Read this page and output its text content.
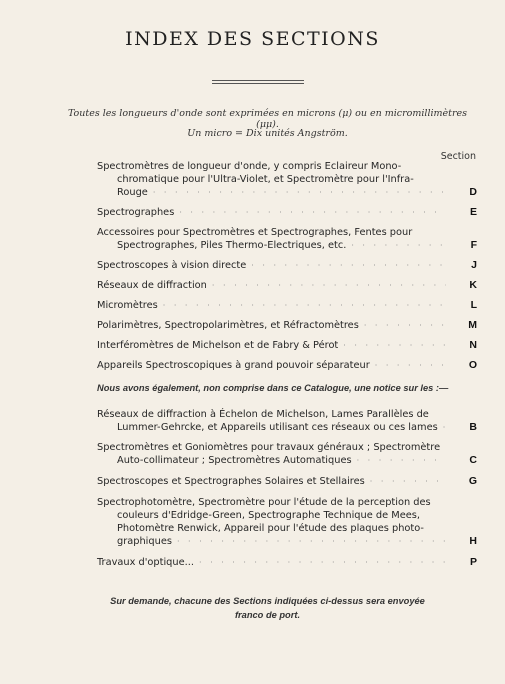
INDEX DES SECTIONS
Toutes les longueurs d'onde sont exprimées en microns (μ) ou en micromillimètres (μμ).
Un micro = Dix unités Angström.
Section
Spectromètres de longueur d'onde, y compris Eclaireur Mono-
chromatique pour l'Ultra-Violet, et Spectromètre pour l'Infra-
Rouge · · ·	D
Spectrographes · · ·	E
Accessoires pour Spectromètres et Spectrographes, Fentes pour
Spectrographes, Piles Thermo-Electriques, etc. · · ·	F
Spectroscopes à vision directe · · ·	J
Réseaux de diffraction · · ·	K
Micromètres · · ·	L
Polarimètres, Spectropolarimètres, et Réfractomètres · · ·	M
Interféromètres de Michelson et de Fabry & Pérot · · ·	N
Appareils Spectroscopiques à grand pouvoir séparateur · · ·	O
Nous avons également, non comprise dans ce Catalogue, une notice sur les :—
Réseaux de diffraction à Échelon de Michelson, Lames Parallèles de
Lummer-Gehrcke, et Appareils utilisant ces réseaux ou ces lames · · ·	B
Spectromètres et Goniomètres pour travaux généraux ; Spectromètre
Auto-collimateur ; Spectromètres Automatiques · · ·	C
Spectroscopes et Spectrographes Solaires et Stellaires · · ·	G
Spectrophotomètre, Spectromètre pour l'étude de la perception des
couleurs d'Edridge-Green, Spectrographe Technique de Mees,
Photomètre Renwick, Appareil pour l'étude des plaques photo-
graphiques · · ·	H
Travaux d'optique... · · ·	P
Sur demande, chacune des Sections indiquées ci-dessus sera envoyée
franco de port.
